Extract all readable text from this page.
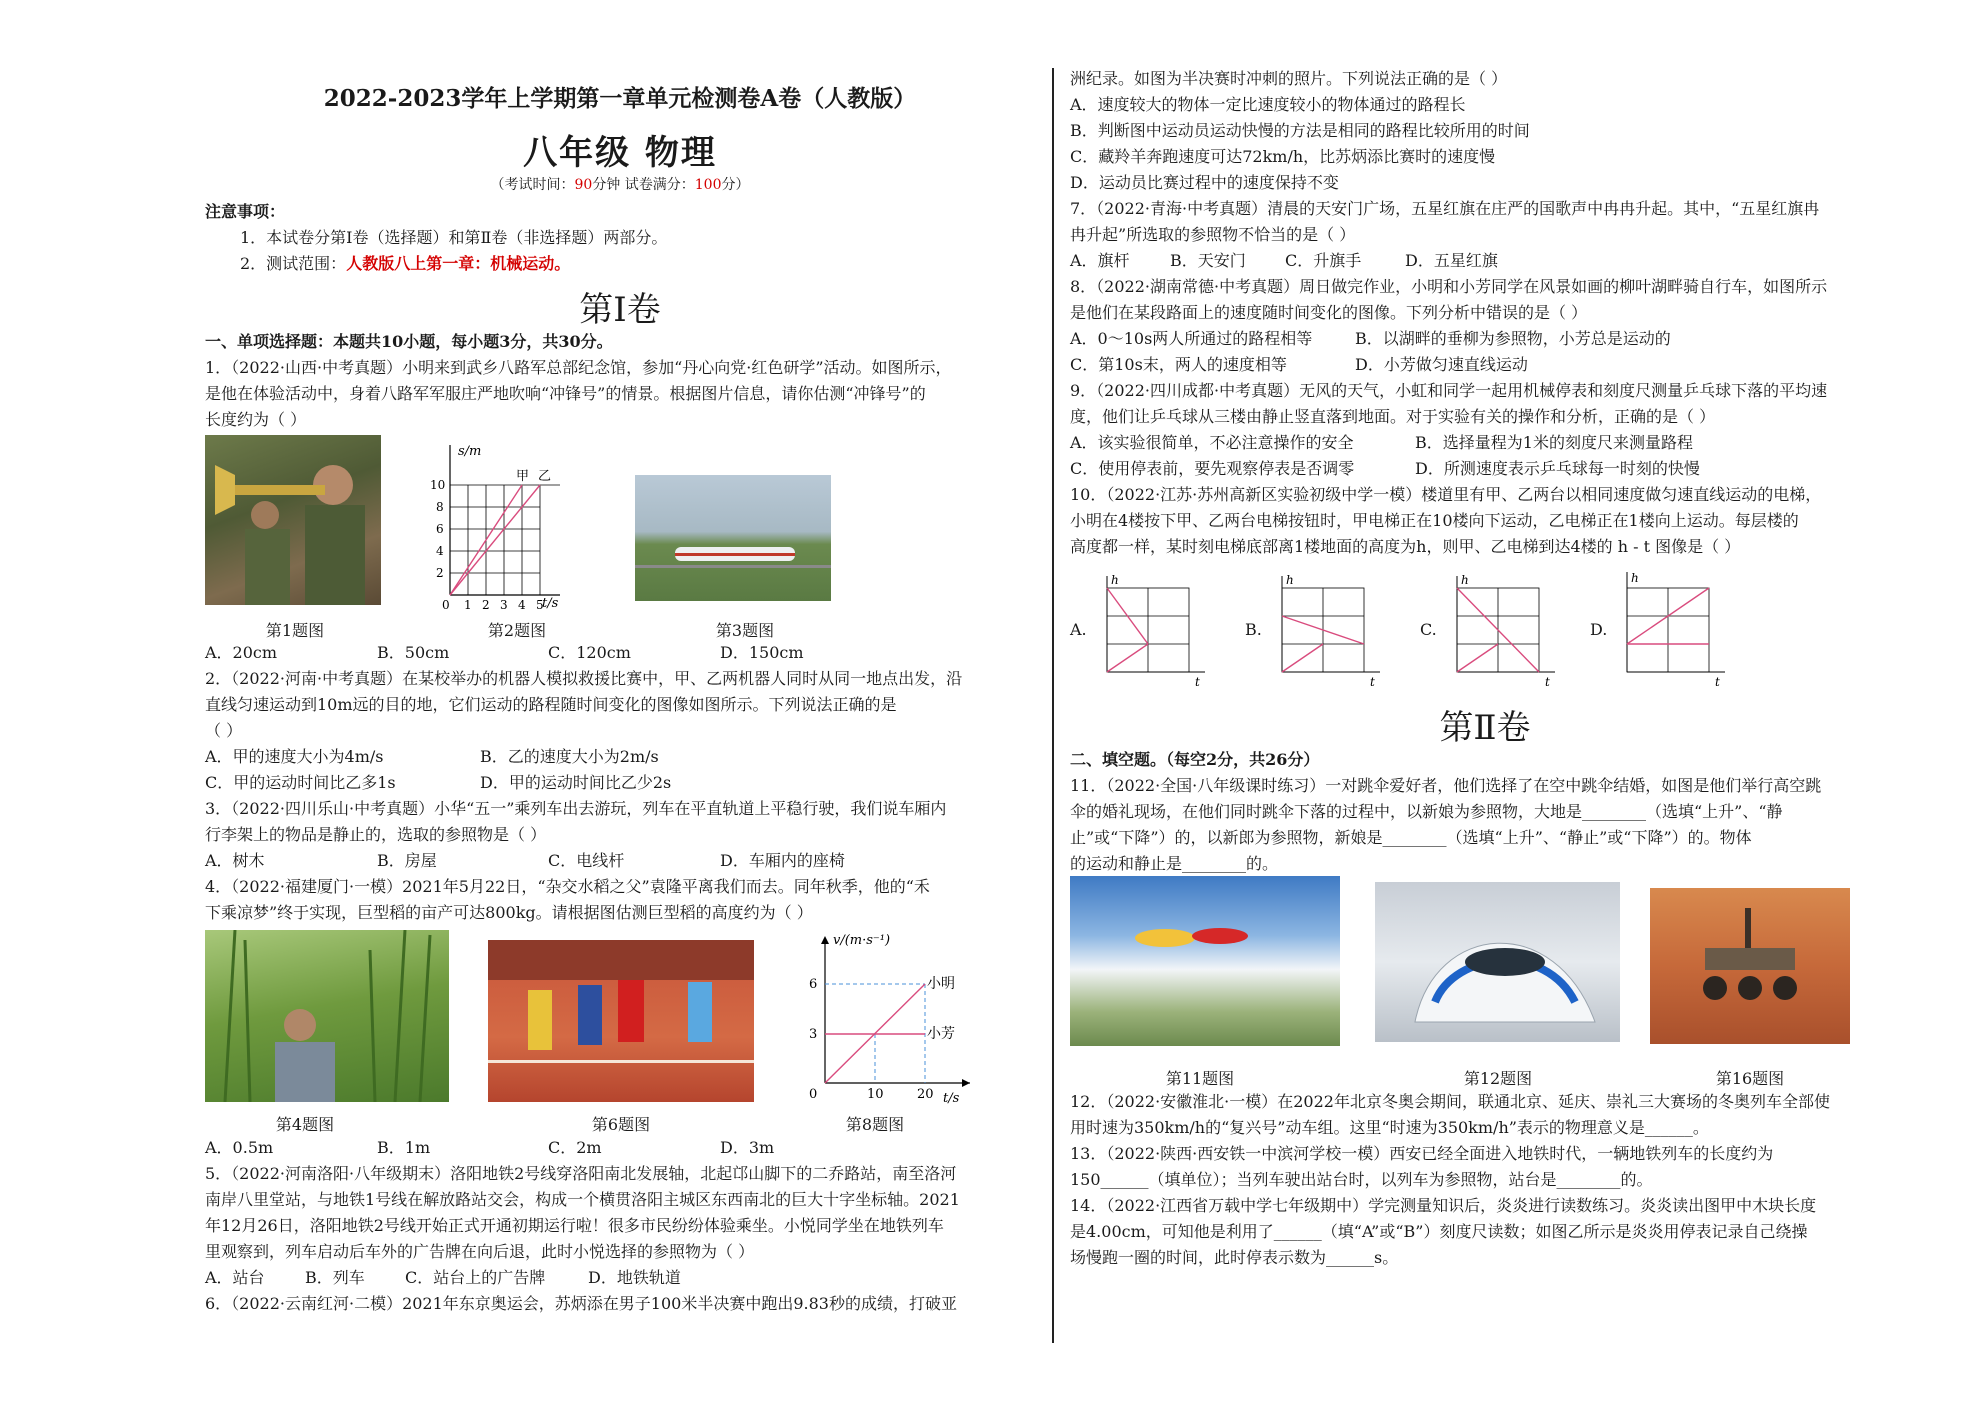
2022-2023学年上学期第一章单元检测卷A卷（人教版）
八年级 物理
（考试时间：90分钟 试卷满分：100分）
注意事项：
1．本试卷分第Ⅰ卷（选择题）和第Ⅱ卷（非选择题）两部分。
2．测试范围：人教版八上第一章：机械运动。
第Ⅰ卷
一、单项选择题：本题共10小题，每小题3分，共30分。
1．（2022·山西·中考真题）小明来到武乡八路军总部纪念馆，参加“丹心向党·红色研学”活动。如图所示，
是他在体验活动中，身着八路军军服庄严地吹响“冲锋号”的情景。根据图片信息，请你估测“冲锋号”的
长度约为（ ）
s/m
t/s
甲 乙
2
4
6
8
10
0 1 2 3 4 5
第1题图	第2题图	第3题图
A．20cm	B．50cm	C．120cm	D．150cm
2．（2022·河南·中考真题）在某校举办的机器人模拟救援比赛中，甲、乙两机器人同时从同一地点出发，沿
直线匀速运动到10m远的目的地，它们运动的路程随时间变化的图像如图所示。下列说法正确的是
（ ）
A．甲的速度大小为4m/s	B．乙的速度大小为2m/s
C．甲的运动时间比乙多1s	D．甲的运动时间比乙少2s
3．（2022·四川乐山·中考真题）小华“五一”乘列车出去游玩，列车在平直轨道上平稳行驶，我们说车厢内
行李架上的物品是静止的，选取的参照物是（ ）
A．树木	B．房屋	C．电线杆	D．车厢内的座椅
4．（2022·福建厦门·一模）2021年5月22日，“杂交水稻之父”袁隆平离我们而去。同年秋季，他的“禾
下乘凉梦”终于实现，巨型稻的亩产可达800kg。请根据图估测巨型稻的高度约为（ ）
v/(m·s⁻¹)
t/s
小明
小芳
6
3
0	10	20
第4题图	第6题图	第8题图
A．0.5m	B．1m	C．2m	D．3m
5．（2022·河南洛阳·八年级期末）洛阳地铁2号线穿洛阳南北发展轴，北起邙山脚下的二乔路站，南至洛河
南岸八里堂站，与地铁1号线在解放路站交会，构成一个横贯洛阳主城区东西南北的巨大十字坐标轴。2021
年12月26日，洛阳地铁2号线开始正式开通初期运行啦！很多市民纷纷体验乘坐。小悦同学坐在地铁列车
里观察到，列车启动后车外的广告牌在向后退，此时小悦选择的参照物为（ ）
A．站台	B．列车	C．站台上的广告牌	D．地铁轨道
6．（2022·云南红河·二模）2021年东京奥运会，苏炳添在男子100米半决赛中跑出9.83秒的成绩，打破亚
洲纪录。如图为半决赛时冲刺的照片。下列说法正确的是（ ）
A．速度较大的物体一定比速度较小的物体通过的路程长
B．判断图中运动员运动快慢的方法是相同的路程比较所用的时间
C．藏羚羊奔跑速度可达72km/h，比苏炳添比赛时的速度慢
D．运动员比赛过程中的速度保持不变
7．（2022·青海·中考真题）清晨的天安门广场，五星红旗在庄严的国歌声中冉冉升起。其中，“五星红旗冉
冉升起”所选取的参照物不恰当的是（ ）
A．旗杆	B．天安门 C．升旗手	D．五星红旗
8．（2022·湖南常德·中考真题）周日做完作业，小明和小芳同学在风景如画的柳叶湖畔骑自行车，如图所示
是他们在某段路面上的速度随时间变化的图像。下列分析中错误的是（ ）
A．0～10s两人所通过的路程相等	B．以湖畔的垂柳为参照物，小芳总是运动的
C．第10s末，两人的速度相等	D．小芳做匀速直线运动
9．（2022·四川成都·中考真题）无风的天气，小虹和同学一起用机械停表和刻度尺测量乒乓球下落的平均速
度，他们让乒乓球从三楼由静止竖直落到地面。对于实验有关的操作和分析，正确的是（ ）
A．该实验很简单，不必注意操作的安全	B．选择量程为1米的刻度尺来测量路程
C．使用停表前，要先观察停表是否调零	D．所测速度表示乒乓球每一时刻的快慢
10．（2022·江苏·苏州高新区实验初级中学一模）楼道里有甲、乙两台以相同速度做匀速直线运动的电梯，
小明在4楼按下甲、乙两台电梯按钮时，甲电梯正在10楼向下运动，乙电梯正在1楼向上运动。每层楼的
高度都一样，某时刻电梯底部离1楼地面的高度为h，则甲、乙电梯到达4楼的 h - t 图像是（ ）
A.
h
t
B.
h
t
C.
h
t
D.
h
t
第Ⅱ卷
二、填空题。（每空2分，共26分）
11．（2022·全国·八年级课时练习）一对跳伞爱好者，他们选择了在空中跳伞结婚，如图是他们举行高空跳
伞的婚礼现场，在他们同时跳伞下落的过程中，以新娘为参照物，大地是________（选填“上升”、“静
止”或“下降”）的，以新郎为参照物，新娘是________（选填“上升”、“静止”或“下降”）的。物体
的运动和静止是________的。
第11题图	第12题图	第16题图
12．（2022·安徽淮北·一模）在2022年北京冬奥会期间，联通北京、延庆、崇礼三大赛场的冬奥列车全部使
用时速为350km/h的“复兴号”动车组。这里“时速为350km/h”表示的物理意义是______。
13．（2022·陕西·西安铁一中滨河学校一模）西安已经全面进入地铁时代，一辆地铁列车的长度约为
150______（填单位）；当列车驶出站台时，以列车为参照物，站台是________的。
14．（2022·江西省万载中学七年级期中）学完测量知识后，炎炎进行读数练习。炎炎读出图甲中木块长度
是4.00cm，可知他是利用了______（填“A”或“B”）刻度尺读数；如图乙所示是炎炎用停表记录自己绕操
场慢跑一圈的时间，此时停表示数为______s。
